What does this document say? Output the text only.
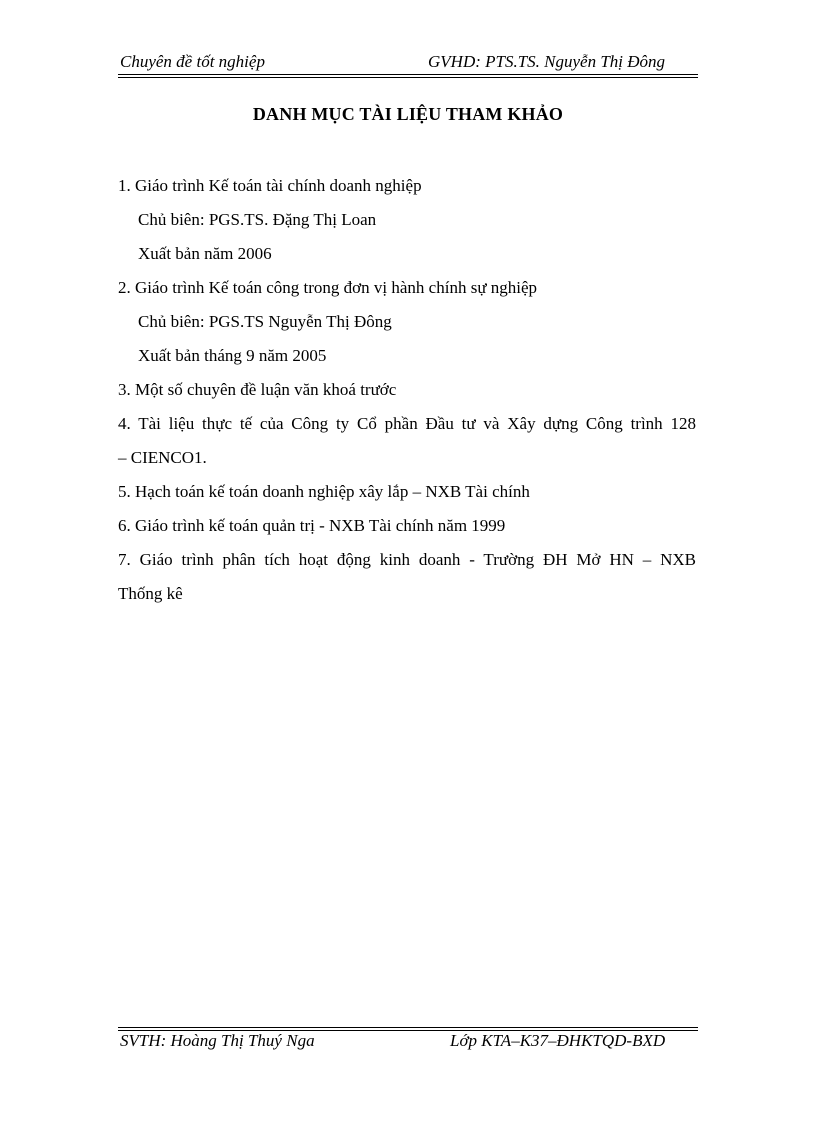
Chuyên đề tốt nghiệp	GVHD: PTS.TS. Nguyễn Thị Đông
DANH MỤC TÀI LIỆU THAM KHẢO
1. Giáo trình Kế toán tài chính doanh nghiệp
Chủ biên: PGS.TS. Đặng Thị Loan
Xuất bản năm 2006
2. Giáo trình Kế toán công trong đơn vị hành chính sự nghiệp
Chủ biên: PGS.TS Nguyễn Thị Đông
Xuất bản tháng 9 năm 2005
3. Một số chuyên đề luận văn khoá trước
4. Tài liệu thực tế của Công ty Cổ phần Đầu tư và Xây dựng Công trình 128
– CIENCO1.
5. Hạch toán kế toán doanh nghiệp xây lắp – NXB Tài chính
6. Giáo trình kế toán quản trị - NXB Tài chính năm 1999
7. Giáo trình phân tích hoạt động kinh doanh - Trường ĐH Mở HN – NXB
Thống kê
SVTH: Hoàng Thị Thuý Nga	Lớp KTA–K37–ĐHKTQD-BXD
